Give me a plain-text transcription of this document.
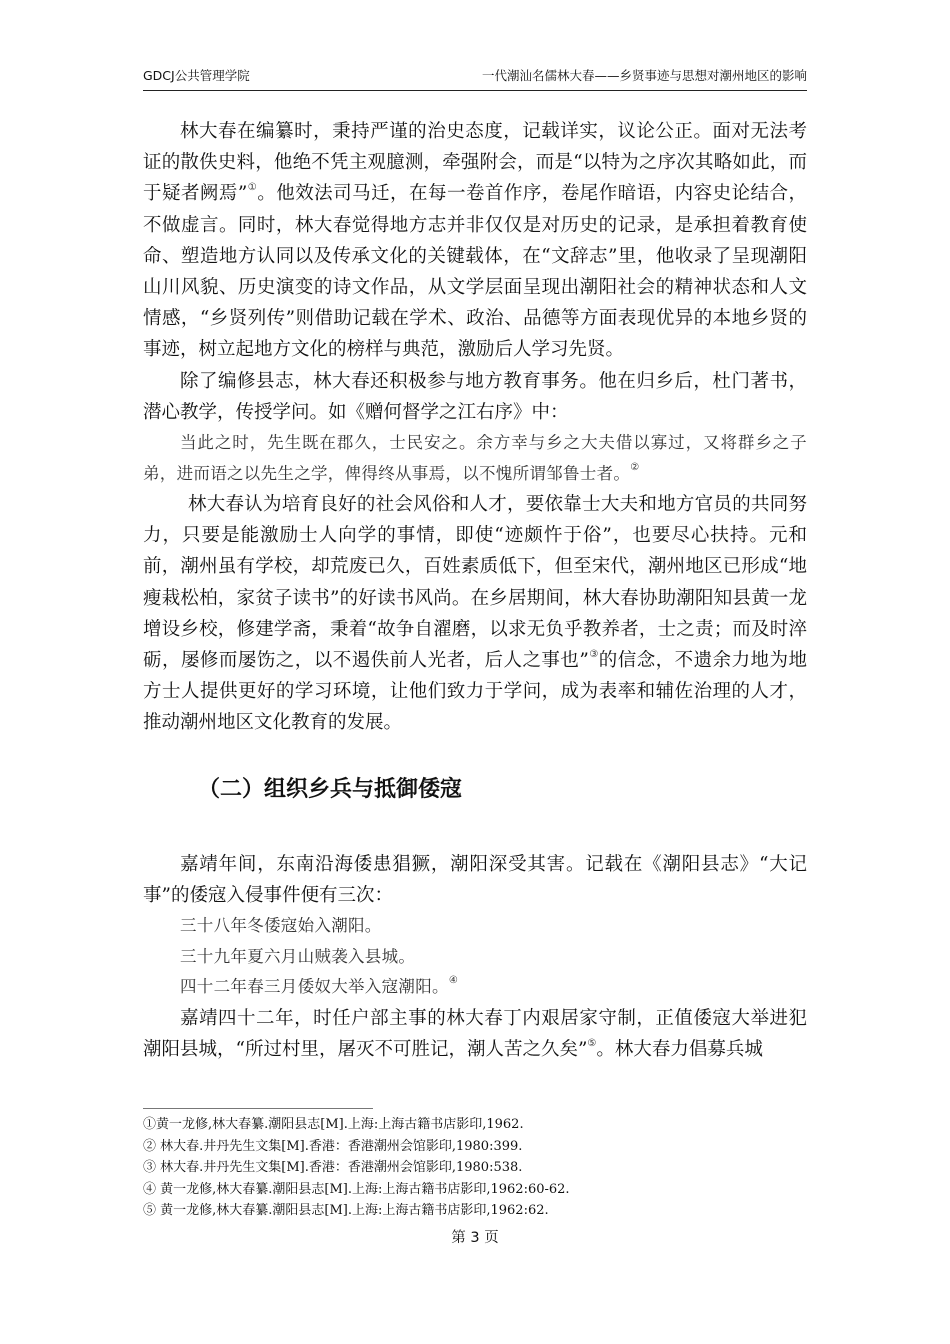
GDCJ公共管理学院	一代潮汕名儒林大春——乡贤事迹与思想对潮州地区的影响

林大春在编纂时，秉持严谨的治史态度，记载详实，议论公正。面对无法考证的散佚史料，他绝不凭主观臆测，牵强附会，而是“以特为之序次其略如此，而于疑者阙焉”①。他效法司马迁，在每一卷首作序，卷尾作暗语，内容史论结合，不做虚言。同时，林大春觉得地方志并非仅仅是对历史的记录，是承担着教育使命、塑造地方认同以及传承文化的关键载体，在“文辞志”里，他收录了呈现潮阳山川风貌、历史演变的诗文作品，从文学层面呈现出潮阳社会的精神状态和人文情感，“乡贤列传”则借助记载在学术、政治、品德等方面表现优异的本地乡贤的事迹，树立起地方文化的榜样与典范，激励后人学习先贤。

除了编修县志，林大春还积极参与地方教育事务。他在归乡后，杜门著书，潜心教学，传授学问。如《赠何督学之江右序》中：

当此之时，先生既在郡久，士民安之。余方幸与乡之大夫借以寡过，又将群乡之子弟，进而语之以先生之学，俾得终从事焉，以不愧所谓邹鲁士者。②

林大春认为培育良好的社会风俗和人才，要依靠士大夫和地方官员的共同努力，只要是能激励士人向学的事情，即使“迹颇忤于俗”，也要尽心扶持。元和前，潮州虽有学校，却荒废已久，百姓素质低下，但至宋代，潮州地区已形成“地瘦栽松柏，家贫子读书”的好读书风尚。在乡居期间，林大春协助潮阳知县黄一龙增设乡校，修建学斋，秉着“故争自濯磨，以求无负乎教养者，士之责；而及时淬砺，屡修而屡饬之，以不遏佚前人光者，后人之事也”③的信念，不遗余力地为地方士人提供更好的学习环境，让他们致力于学问，成为表率和辅佐治理的人才，推动潮州地区文化教育的发展。

（二）组织乡兵与抵御倭寇

嘉靖年间，东南沿海倭患猖獗，潮阳深受其害。记载在《潮阳县志》“大记事”的倭寇入侵事件便有三次：

三十八年冬倭寇始入潮阳。
三十九年夏六月山贼袭入县城。
四十二年春三月倭奴大举入寇潮阳。④

嘉靖四十二年，时任户部主事的林大春丁内艰居家守制，正值倭寇大举进犯潮阳县城，“所过村里，屠灭不可胜记，潮人苦之久矣”⑤。林大春力倡募兵城

①黄一龙修,林大春纂.潮阳县志[M].上海:上海古籍书店影印,1962.
② 林大春.井丹先生文集[M].香港：香港潮州会馆影印,1980:399.
③ 林大春.井丹先生文集[M].香港：香港潮州会馆影印,1980:538.
④ 黄一龙修,林大春纂.潮阳县志[M].上海:上海古籍书店影印,1962:60-62.
⑤ 黄一龙修,林大春纂.潮阳县志[M].上海:上海古籍书店影印,1962:62.
第 3 页
